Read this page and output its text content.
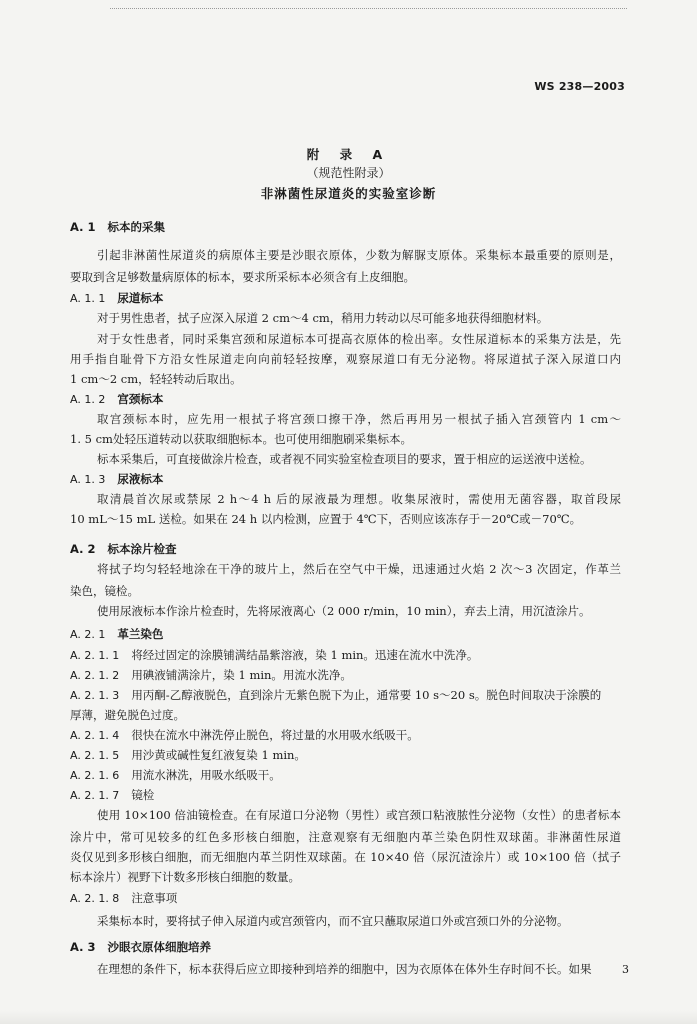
WS 238—2003
附 录 A
（规范性附录）
非淋菌性尿道炎的实验室诊断
A. 1 标本的采集
引起非淋菌性尿道炎的病原体主要是沙眼衣原体，少数为解脲支原体。采集标本最重要的原则是，
要取到含足够数量病原体的标本，要求所采标本必须含有上皮细胞。
A. 1. 1 尿道标本
对于男性患者，拭子应深入尿道 2 cm～4 cm，稍用力转动以尽可能多地获得细胞材料。
对于女性患者，同时采集宫颈和尿道标本可提高衣原体的检出率。女性尿道标本的采集方法是，先
用手指自耻骨下方沿女性尿道走向向前轻轻按摩，观察尿道口有无分泌物。将尿道拭子深入尿道口内
1 cm～2 cm，轻轻转动后取出。
A. 1. 2 宫颈标本
取宫颈标本时，应先用一根拭子将宫颈口擦干净，然后再用另一根拭子插入宫颈管内 1 cm～
1. 5 cm处轻压道转动以获取细胞标本。也可使用细胞刷采集标本。
标本采集后，可直接做涂片检查，或者视不同实验室检查项目的要求，置于相应的运送液中送检。
A. 1. 3 尿液标本
取清晨首次尿或禁尿 2 h～4 h 后的尿液最为理想。收集尿液时，需使用无菌容器，取首段尿
10 mL～15 mL 送检。如果在 24 h 以内检测，应置于 4℃下，否则应该冻存于－20℃或－70℃。
A. 2 标本涂片检查
将拭子均匀轻轻地涂在干净的玻片上，然后在空气中干燥，迅速通过火焰 2 次～3 次固定，作革兰
染色，镜检。
使用尿液标本作涂片检查时，先将尿液离心（2 000 r/min，10 min），弃去上清，用沉渣涂片。
A. 2. 1 革兰染色
A. 2. 1. 1 将经过固定的涂膜铺满结晶紫溶液，染 1 min。迅速在流水中洗净。
A. 2. 1. 2 用碘液铺满涂片，染 1 min。用流水洗净。
A. 2. 1. 3 用丙酮-乙醇液脱色，直到涂片无紫色脱下为止，通常要 10 s～20 s。脱色时间取决于涂膜的
厚薄，避免脱色过度。
A. 2. 1. 4 很快在流水中淋洗停止脱色，将过量的水用吸水纸吸干。
A. 2. 1. 5 用沙黄或碱性复红液复染 1 min。
A. 2. 1. 6 用流水淋洗，用吸水纸吸干。
A. 2. 1. 7 镜检
使用 10×100 倍油镜检查。在有尿道口分泌物（男性）或宫颈口粘液脓性分泌物（女性）的患者标本
涂片中，常可见较多的红色多形核白细胞，注意观察有无细胞内革兰染色阴性双球菌。非淋菌性尿道
炎仅见到多形核白细胞，而无细胞内革兰阴性双球菌。在 10×40 倍（尿沉渣涂片）或 10×100 倍（拭子
标本涂片）视野下计数多形核白细胞的数量。
A. 2. 1. 8 注意事项
采集标本时，要将拭子伸入尿道内或宫颈管内，而不宜只蘸取尿道口外或宫颈口外的分泌物。
A. 3 沙眼衣原体细胞培养
在理想的条件下，标本获得后应立即接种到培养的细胞中，因为衣原体在体外生存时间不长。如果	3
